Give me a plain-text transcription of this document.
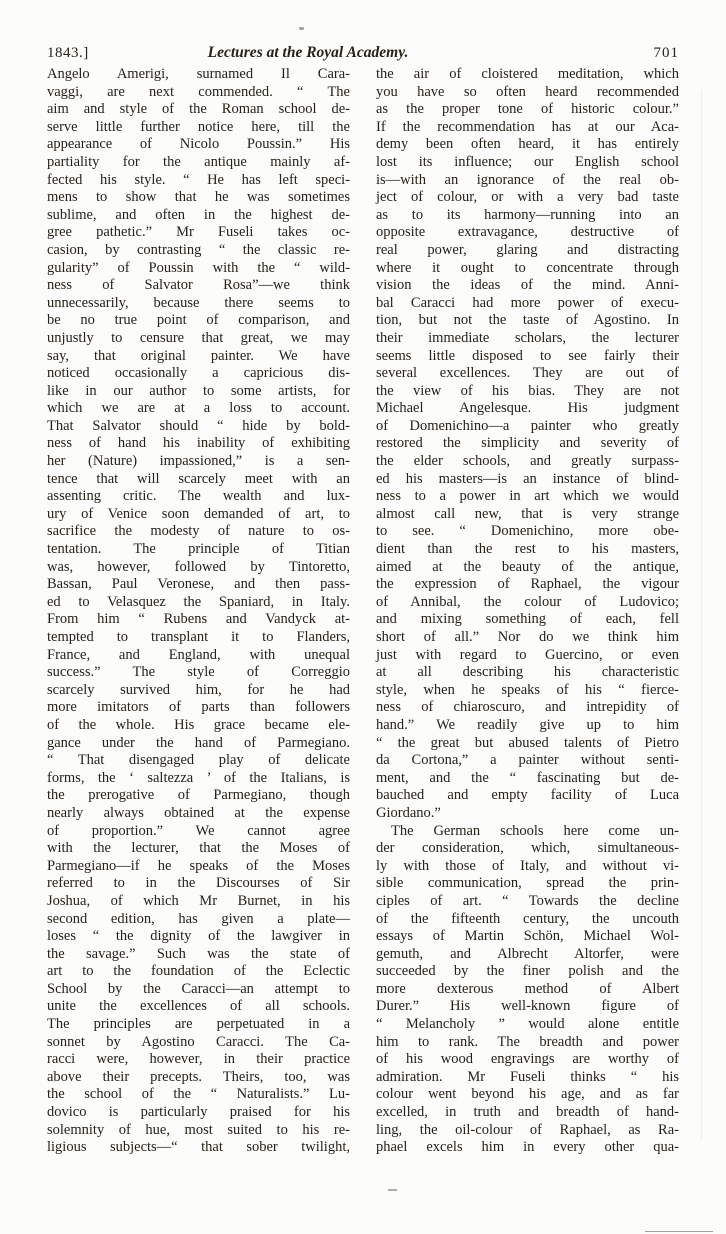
1843.]	Lectures at the Royal Academy.	701
Angelo Amerigi, surnamed Il Cara-
vaggi, are next commended. “ The
aim and style of the Roman school de-
serve little further notice here, till the
appearance of Nicolo Poussin.” His
partiality for the antique mainly af-
fected his style. “ He has left speci-
mens to show that he was sometimes
sublime, and often in the highest de-
gree pathetic.” Mr Fuseli takes oc-
casion, by contrasting “ the classic re-
gularity” of Poussin with the “ wild-
ness of Salvator Rosa”—we think
unnecessarily, because there seems to
be no true point of comparison, and
unjustly to censure that great, we may
say, that original painter. We have
noticed occasionally a capricious dis-
like in our author to some artists, for
which we are at a loss to account.
That Salvator should “ hide by bold-
ness of hand his inability of exhibiting
her (Nature) impassioned,” is a sen-
tence that will scarcely meet with an
assenting critic. The wealth and lux-
ury of Venice soon demanded of art, to
sacrifice the modesty of nature to os-
tentation. The principle of Titian
was, however, followed by Tintoretto,
Bassan, Paul Veronese, and then pass-
ed to Velasquez the Spaniard, in Italy.
From him “ Rubens and Vandyck at-
tempted to transplant it to Flanders,
France, and England, with unequal
success.” The style of Correggio
scarcely survived him, for he had
more imitators of parts than followers
of the whole. His grace became ele-
gance under the hand of Parmegiano.
“ That disengaged play of delicate
forms, the ‘ saltezza ’ of the Italians, is
the prerogative of Parmegiano, though
nearly always obtained at the expense
of proportion.” We cannot agree
with the lecturer, that the Moses of
Parmegiano—if he speaks of the Moses
referred to in the Discourses of Sir
Joshua, of which Mr Burnet, in his
second edition, has given a plate—
loses “ the dignity of the lawgiver in
the savage.” Such was the state of
art to the foundation of the Eclectic
School by the Caracci—an attempt to
unite the excellences of all schools.
The principles are perpetuated in a
sonnet by Agostino Caracci. The Ca-
racci were, however, in their practice
above their precepts. Theirs, too, was
the school of the “ Naturalists.” Lu-
dovico is particularly praised for his
solemnity of hue, most suited to his re-
ligious subjects—“ that sober twilight,
the air of cloistered meditation, which
you have so often heard recommended
as the proper tone of historic colour.”
If the recommendation has at our Aca-
demy been often heard, it has entirely
lost its influence; our English school
is—with an ignorance of the real ob-
ject of colour, or with a very bad taste
as to its harmony—running into an
opposite extravagance, destructive of
real power, glaring and distracting
where it ought to concentrate through
vision the ideas of the mind. Anni-
bal Caracci had more power of execu-
tion, but not the taste of Agostino. In
their immediate scholars, the lecturer
seems little disposed to see fairly their
several excellences. They are out of
the view of his bias. They are not
Michael Angelesque. His judgment
of Domenichino—a painter who greatly
restored the simplicity and severity of
the elder schools, and greatly surpass-
ed his masters—is an instance of blind-
ness to a power in art which we would
almost call new, that is very strange
to see. “ Domenichino, more obe-
dient than the rest to his masters,
aimed at the beauty of the antique,
the expression of Raphael, the vigour
of Annibal, the colour of Ludovico;
and mixing something of each, fell
short of all.” Nor do we think him
just with regard to Guercino, or even
at all describing his characteristic
style, when he speaks of his “ fierce-
ness of chiaroscuro, and intrepidity of
hand.” We readily give up to him
“ the great but abused talents of Pietro
da Cortona,” a painter without senti-
ment, and the “ fascinating but de-
bauched and empty facility of Luca
Giordano.”
The German schools here come un-
der consideration, which, simultaneous-
ly with those of Italy, and without vi-
sible communication, spread the prin-
ciples of art. “ Towards the decline
of the fifteenth century, the uncouth
essays of Martin Schön, Michael Wol-
gemuth, and Albrecht Altorfer, were
succeeded by the finer polish and the
more dexterous method of Albert
Durer.” His well-known figure of
“ Melancholy ” would alone entitle
him to rank. The breadth and power
of his wood engravings are worthy of
admiration. Mr Fuseli thinks “ his
colour went beyond his age, and as far
excelled, in truth and breadth of hand-
ling, the oil-colour of Raphael, as Ra-
phael excels him in every other qua-
